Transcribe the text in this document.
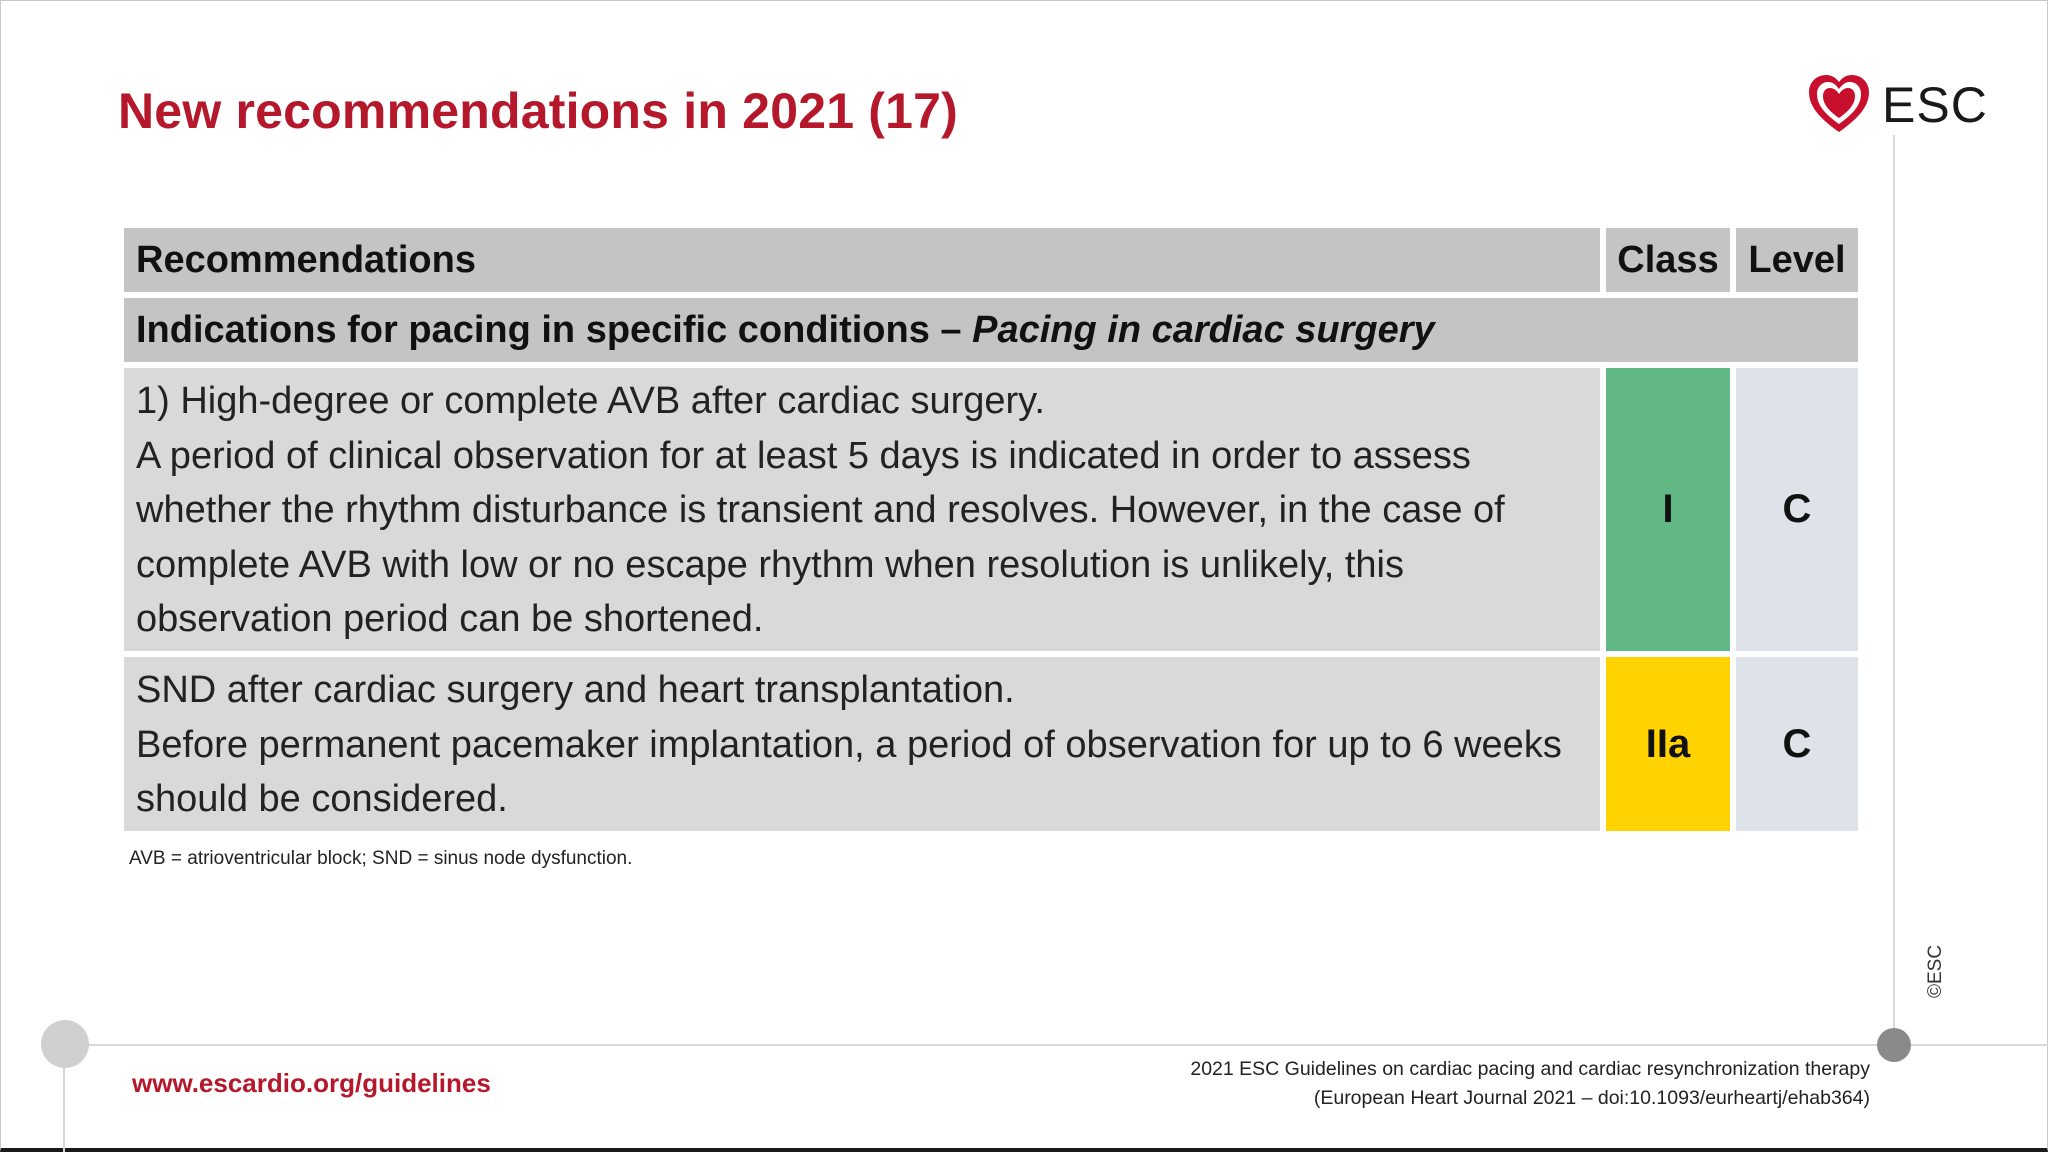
New recommendations in 2021 (17)	ESC
©ESC
Recommendations	Class Level
Indications for pacing in specific conditions – Pacing in cardiac surgery
1) High-degree or complete AVB after cardiac surgery.
A period of clinical observation for at least 5 days is indicated in order to assess whether the rhythm disturbance is transient and resolves. However, in the case of complete AVB with low or no escape rhythm when resolution is unlikely, this observation period can be shortened.
I	C
SND after cardiac surgery and heart transplantation.
Before permanent pacemaker implantation, a period of observation for up to 6 weeks should be considered.
IIa C
AVB = atrioventricular block; SND = sinus node dysfunction.
www.escardio.org/guidelines	2021 ESC Guidelines on cardiac pacing and cardiac resynchronization therapy
(European Heart Journal 2021 – doi:10.1093/eurheartj/ehab364)
